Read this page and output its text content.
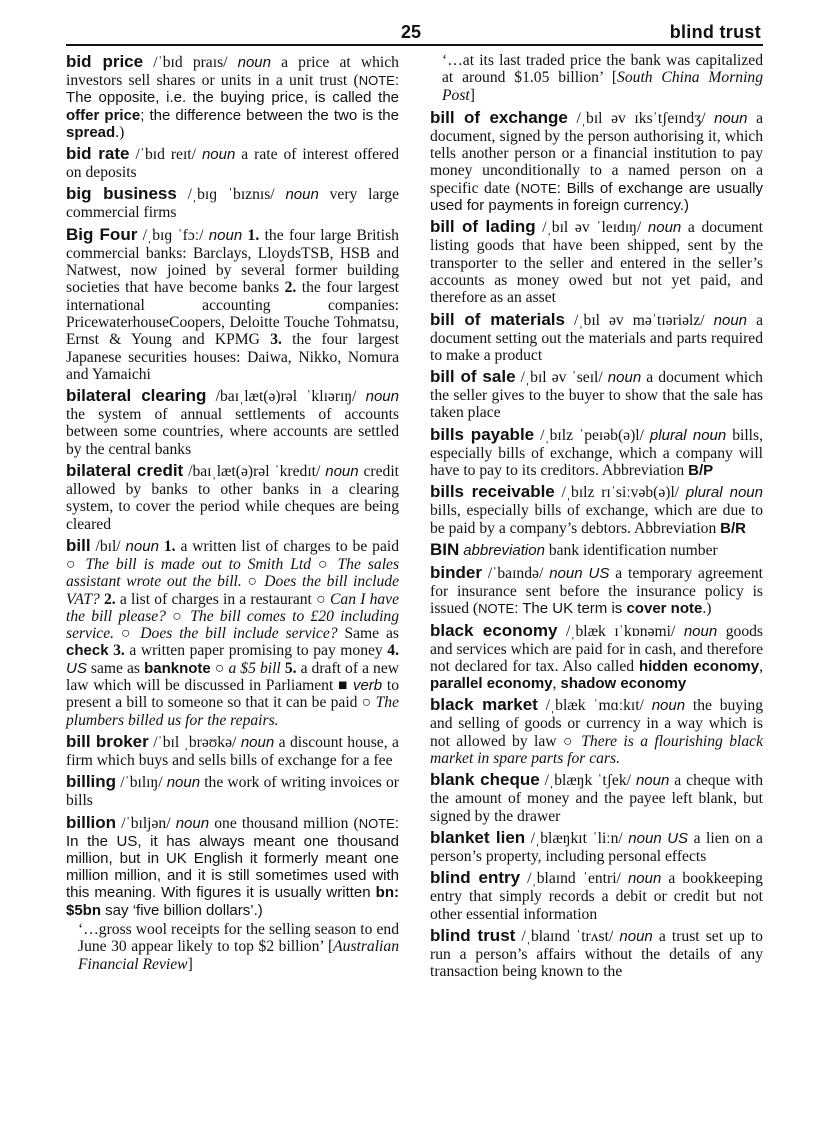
25	blind trust
bid price /ˈbɪd praɪs/ noun a price at which investors sell shares or units in a unit trust (NOTE: The opposite, i.e. the buying price, is called the offer price; the difference between the two is the spread.)
bid rate /ˈbɪd reɪt/ noun a rate of interest offered on deposits
big business /ˌbɪɡ ˈbɪznɪs/ noun very large commercial firms
Big Four /ˌbɪɡ ˈfɔː/ noun 1. the four large British commercial banks: Barclays, LloydsTSB, HSB and Natwest, now joined by several former building societies that have become banks 2. the four largest international accounting companies: PricewaterhouseCoopers, Deloitte Touche Tohmatsu, Ernst & Young and KPMG 3. the four largest Japanese securities houses: Daiwa, Nikko, Nomura and Yamaichi
bilateral clearing /baɪˌlæt(ə)rəl ˈklɪərɪŋ/ noun the system of annual settlements of accounts between some countries, where accounts are settled by the central banks
bilateral credit /baɪˌlæt(ə)rəl ˈkredɪt/ noun credit allowed by banks to other banks in a clearing system, to cover the period while cheques are being cleared
bill /bɪl/ noun 1. a written list of charges to be paid ○ The bill is made out to Smith Ltd ○ The sales assistant wrote out the bill. ○ Does the bill include VAT? 2. a list of charges in a restaurant ○ Can I have the bill please? ○ The bill comes to £20 including service. ○ Does the bill include service? Same as check 3. a written paper promising to pay money 4. US same as banknote ○ a $5 bill 5. a draft of a new law which will be discussed in Parliament ■ verb to present a bill to someone so that it can be paid ○ The plumbers billed us for the repairs.
bill broker /ˈbɪl ˌbrəʊkə/ noun a discount house, a firm which buys and sells bills of exchange for a fee
billing /ˈbɪlɪŋ/ noun the work of writing invoices or bills
billion /ˈbɪljən/ noun one thousand million (NOTE: In the US, it has always meant one thousand million, but in UK English it formerly meant one million million, and it is still sometimes used with this meaning. With figures it is usually written bn: $5bn say ‘five billion dollars’.)
‘…gross wool receipts for the selling season to end June 30 appear likely to top $2 billion’ [Australian Financial Review]
‘…at its last traded price the bank was capitalized at around $1.05 billion’ [South China Morning Post]
bill of exchange /ˌbɪl əv ɪksˈtʃeɪndʒ/ noun a document, signed by the person authorising it, which tells another person or a financial institution to pay money unconditionally to a named person on a specific date (NOTE: Bills of exchange are usually used for payments in foreign currency.)
bill of lading /ˌbɪl əv ˈleɪdɪŋ/ noun a document listing goods that have been shipped, sent by the transporter to the seller and entered in the seller’s accounts as money owed but not yet paid, and therefore as an asset
bill of materials /ˌbɪl əv məˈtɪəriəlz/ noun a document setting out the materials and parts required to make a product
bill of sale /ˌbɪl əv ˈseɪl/ noun a document which the seller gives to the buyer to show that the sale has taken place
bills payable /ˌbɪlz ˈpeɪəb(ə)l/ plural noun bills, especially bills of exchange, which a company will have to pay to its creditors. Abbreviation B/P
bills receivable /ˌbɪlz rɪˈsiːvəb(ə)l/ plural noun bills, especially bills of exchange, which are due to be paid by a company’s debtors. Abbreviation B/R
BIN abbreviation bank identification number
binder /ˈbaɪndə/ noun US a temporary agreement for insurance sent before the insurance policy is issued (NOTE: The UK term is cover note.)
black economy /ˌblæk ɪˈkɒnəmi/ noun goods and services which are paid for in cash, and therefore not declared for tax. Also called hidden economy, parallel economy, shadow economy
black market /ˌblæk ˈmɑːkɪt/ noun the buying and selling of goods or currency in a way which is not allowed by law ○ There is a flourishing black market in spare parts for cars.
blank cheque /ˌblæŋk ˈtʃek/ noun a cheque with the amount of money and the payee left blank, but signed by the drawer
blanket lien /ˌblæŋkɪt ˈliːn/ noun US a lien on a person’s property, including personal effects
blind entry /ˌblaɪnd ˈentri/ noun a bookkeeping entry that simply records a debit or credit but not other essential information
blind trust /ˌblaɪnd ˈtrʌst/ noun a trust set up to run a person’s affairs without the details of any transaction being known to the
